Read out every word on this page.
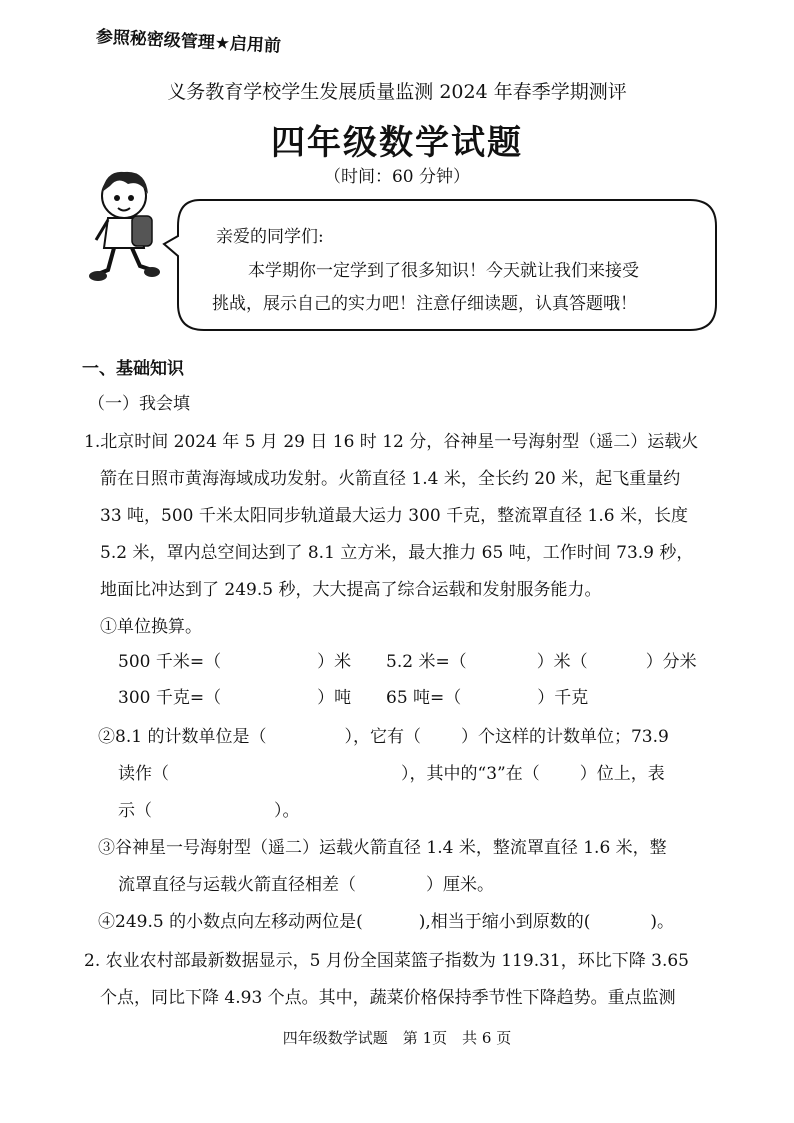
参照秘密级管理★启用前
义务教育学校学生发展质量监测 2024 年春季学期测评
四年级数学试题
（时间：60 分钟）
亲爱的同学们:
本学期你一定学到了很多知识！今天就让我们来接受
挑战，展示自己的实力吧！注意仔细读题，认真答题哦！
一、基础知识
（一）我会填
1.北京时间 2024 年 5 月 29 日 16 时 12 分，谷神星一号海射型（遥二）运载火
箭在日照市黄海海域成功发射。火箭直径 1.4 米，全长约 20 米，起飞重量约
33 吨，500 千米太阳同步轨道最大运力 300 千克，整流罩直径 1.6 米，长度
5.2 米，罩内总空间达到了 8.1 立方米，最大推力 65 吨，工作时间 73.9 秒，
地面比冲达到了 249.5 秒，大大提高了综合运载和发射服务能力。
①单位换算。
500 千米=（	）米 5.2 米=（	）米（	）分米
300 千克=（	）吨 65 吨=（	）千克
②8.1 的计数单位是（	），它有（ ）个这样的计数单位；73.9
读作（	），其中的“3”在（ ）位上，表
示（	）。
③谷神星一号海射型（遥二）运载火箭直径 1.4 米，整流罩直径 1.6 米，整
流罩直径与运载火箭直径相差（	）厘米。
④249.5 的小数点向左移动两位是(	),相当于缩小到原数的(	)。
2. 农业农村部最新数据显示，5 月份全国菜篮子指数为 119.31，环比下降 3.65
个点，同比下降 4.93 个点。其中，蔬菜价格保持季节性下降趋势。重点监测
四年级数学试题　第 1页　共 6 页
